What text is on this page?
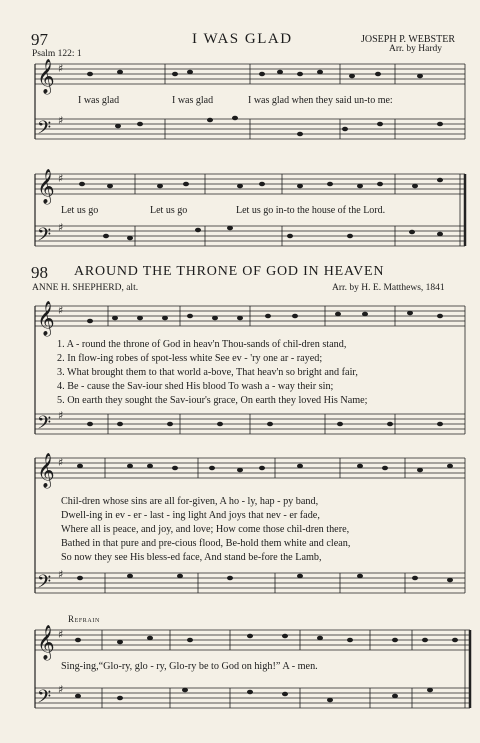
97	I WAS GLAD	JOSEPH P. WEBSTER
Psalm 122: 1	Arr. by Hardy
𝄞
𝄢
♯
♯
𝄞
𝄢
♯
♯
𝄞
𝄢
♯
♯
𝄞
𝄢
♯
♯
𝄞
𝄢
♯
♯
I was glad	I was glad	I was glad when they said un-to me:
Let us go	Let us go	Let us go in-to the house of the Lord.
98 AROUND THE THRONE OF GOD IN HEAVEN
ANNE H. SHEPHERD, alt.	Arr. by H. E. Matthews, 1841
1. A - round the throne of God in heav'n Thou-sands of chil-dren stand,
2. In flow-ing robes of spot-less white See ev - 'ry one ar - rayed;
3. What brought them to that world a-bove, That heav'n so bright and fair,
4. Be - cause the Sav-iour shed His blood To wash a - way their sin;
5. On earth they sought the Sav-iour's grace, On earth they loved His Name;
Chil-dren whose sins are all for-given, A ho - ly, hap - py band,
Dwell-ing in ev - er - last - ing light And joys that nev - er fade,
Where all is peace, and joy, and love; How come those chil-dren there,
Bathed in that pure and pre-cious flood, Be-hold them white and clean,
So now they see His bless-ed face, And stand be-fore the Lamb,
Refrain
Sing-ing,“Glo-ry, glo - ry, Glo-ry be to God on high!” A - men.
